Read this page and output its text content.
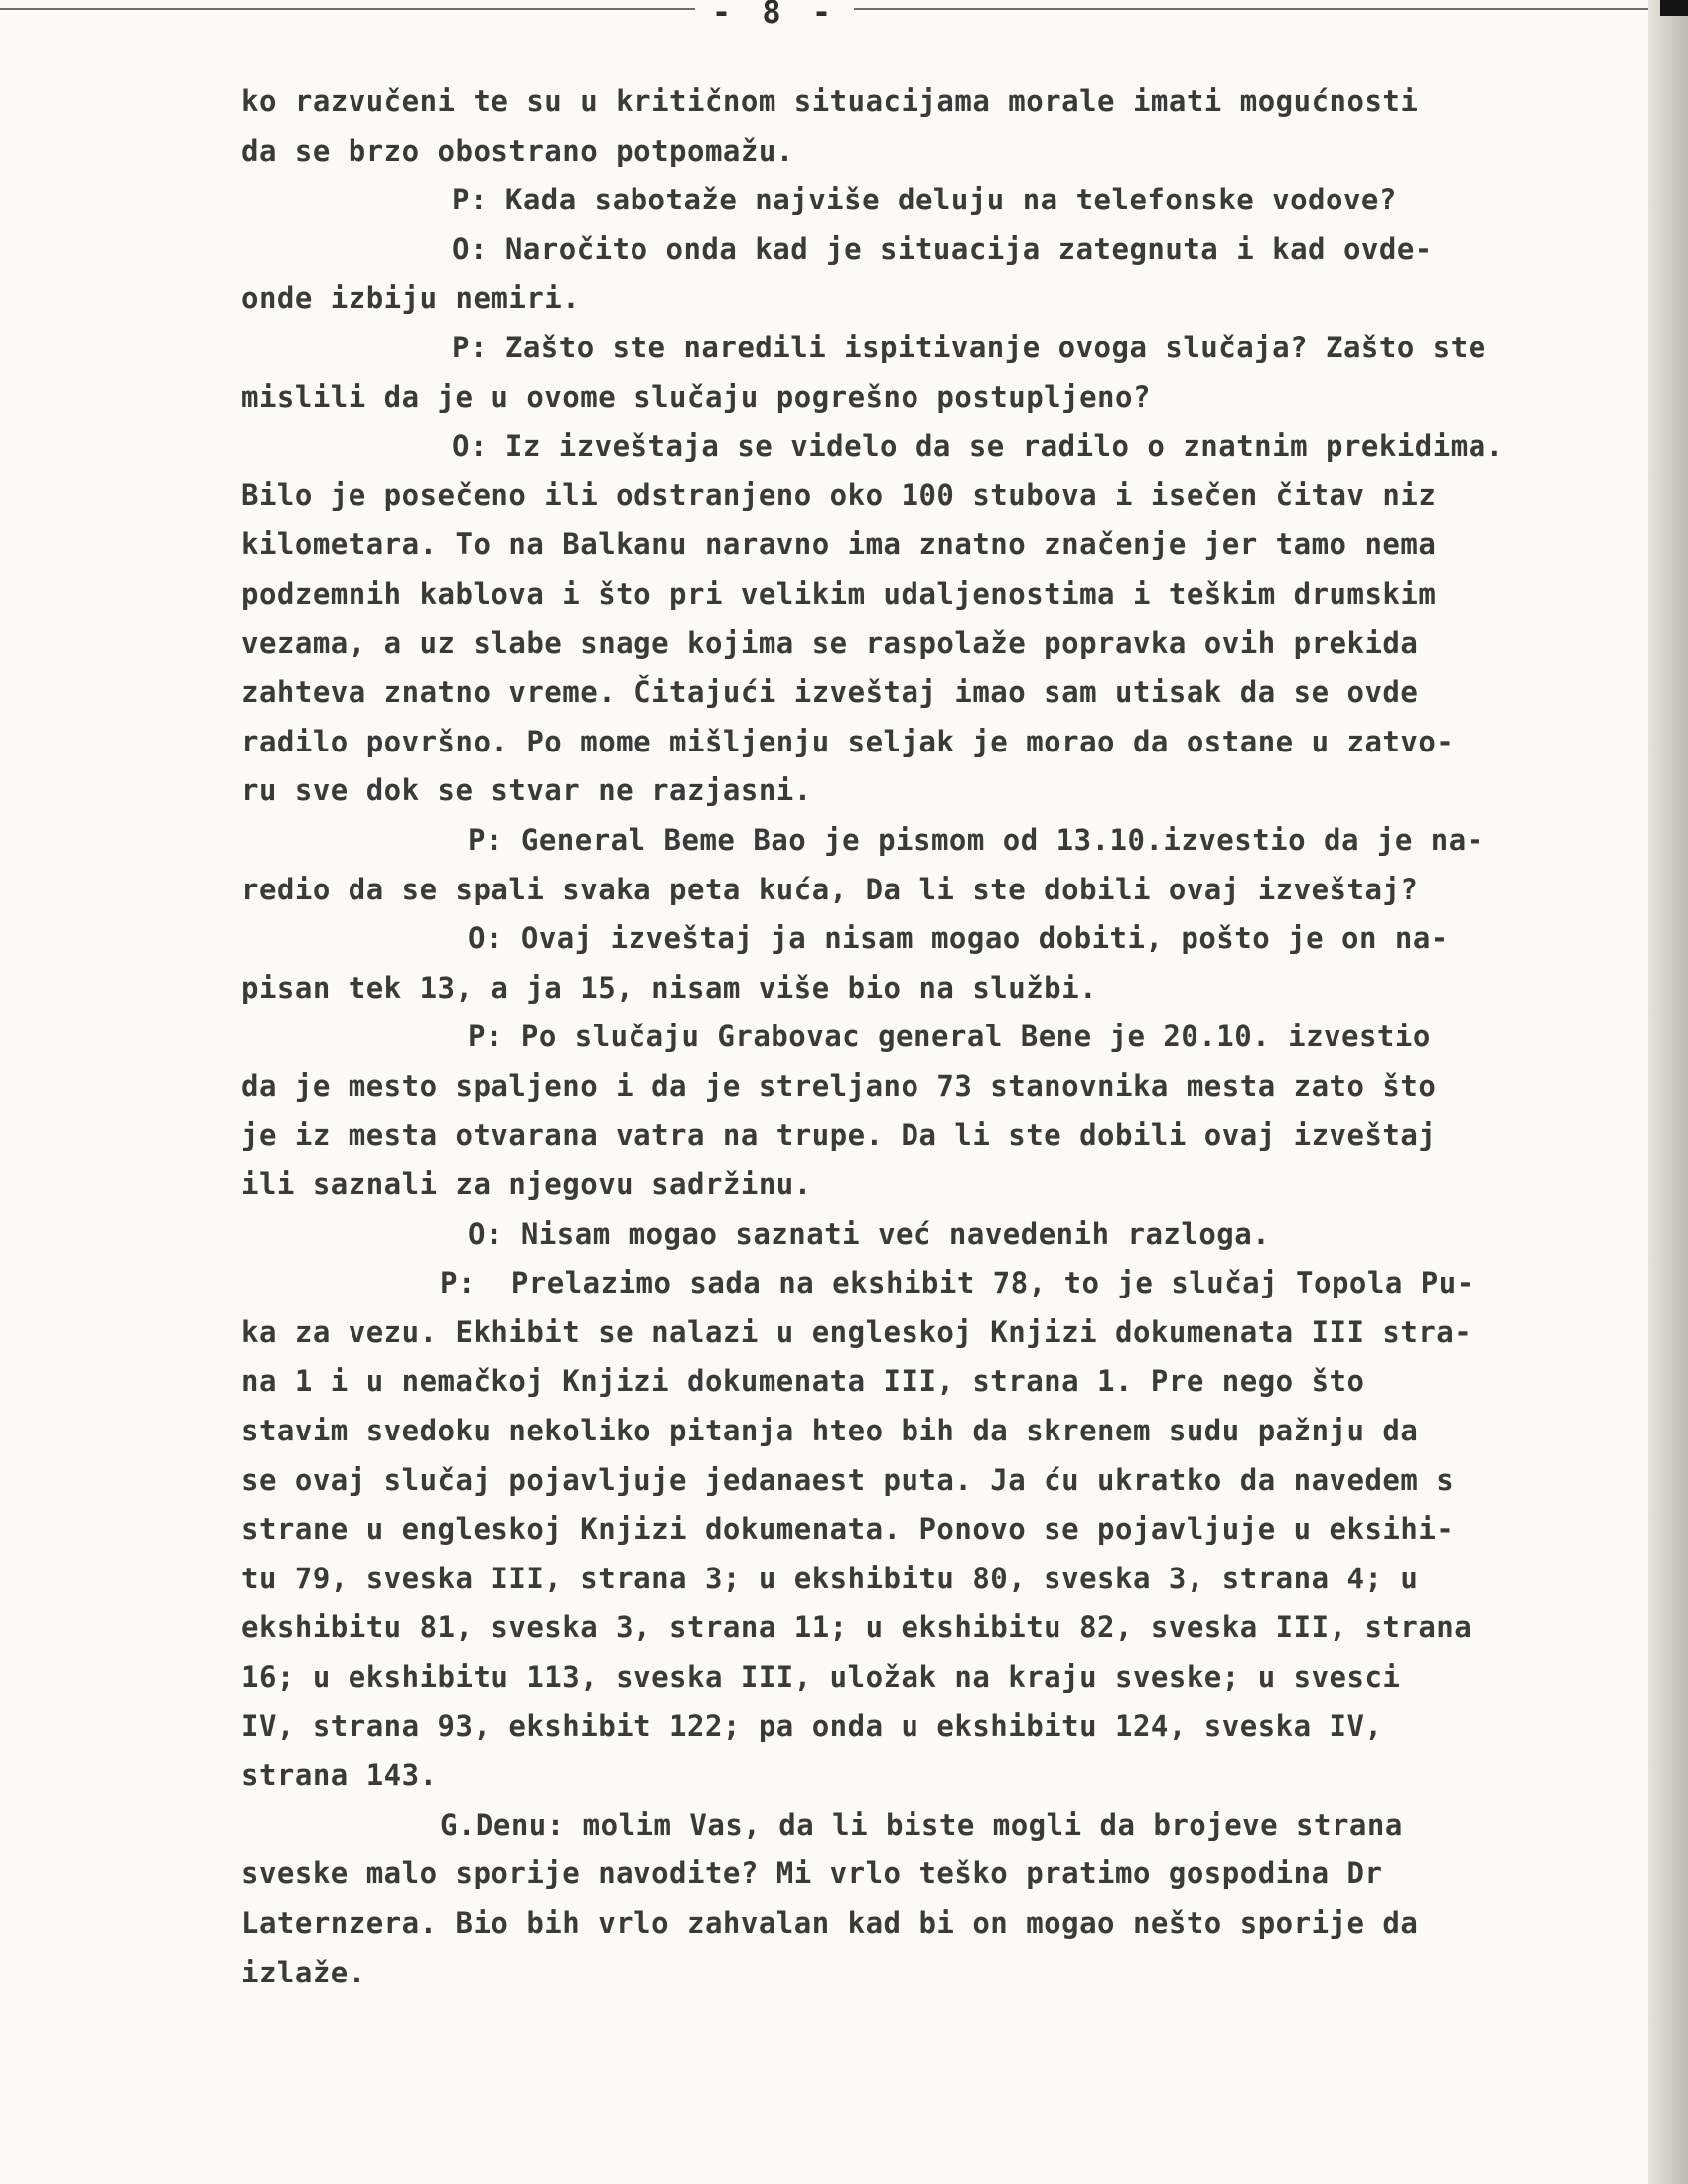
- 8 -
ko razvučeni te su u kritičnom situacijama morale imati mogućnosti
da se brzo obostrano potpomažu.
P: Kada sabotaže najviše deluju na telefonske vodove?
O: Naročito onda kad je situacija zategnuta i kad ovde-
onde izbiju nemiri.
P: Zašto ste naredili ispitivanje ovoga slučaja? Zašto ste
mislili da je u ovome slučaju pogrešno postupljeno?
O: Iz izveštaja se videlo da se radilo o znatnim prekidima.
Bilo je posečeno ili odstranjeno oko 100 stubova i isečen čitav niz
kilometara. To na Balkanu naravno ima znatno značenje jer tamo nema
podzemnih kablova i što pri velikim udaljenostima i teškim drumskim
vezama, a uz slabe snage kojima se raspolaže popravka ovih prekida
zahteva znatno vreme. Čitajući izveštaj imao sam utisak da se ovde
radilo površno. Po mome mišljenju seljak je morao da ostane u zatvo-
ru sve dok se stvar ne razjasni.
P: General Beme Bao je pismom od 13.10.izvestio da je na-
redio da se spali svaka peta kuća, Da li ste dobili ovaj izveštaj?
O: Ovaj izveštaj ja nisam mogao dobiti, pošto je on na-
pisan tek 13, a ja 15, nisam više bio na službi.
P: Po slučaju Grabovac general Bene je 20.10. izvestio
da je mesto spaljeno i da je streljano 73 stanovnika mesta zato što
je iz mesta otvarana vatra na trupe. Da li ste dobili ovaj izveštaj
ili saznali za njegovu sadržinu.
O: Nisam mogao saznati već navedenih razloga.
P:  Prelazimo sada na ekshibit 78, to je slučaj Topola Pu-
ka za vezu. Ekhibit se nalazi u engleskoj Knjizi dokumenata III stra-
na 1 i u nemačkoj Knjizi dokumenata III, strana 1. Pre nego što
stavim svedoku nekoliko pitanja hteo bih da skrenem sudu pažnju da
se ovaj slučaj pojavljuje jedanaest puta. Ja ću ukratko da navedem s
strane u engleskoj Knjizi dokumenata. Ponovo se pojavljuje u eksihi-
tu 79, sveska III, strana 3; u ekshibitu 80, sveska 3, strana 4; u
ekshibitu 81, sveska 3, strana 11; u ekshibitu 82, sveska III, strana
16; u ekshibitu 113, sveska III, uložak na kraju sveske; u svesci
IV, strana 93, ekshibit 122; pa onda u ekshibitu 124, sveska IV,
strana 143.
G.Denu: molim Vas, da li biste mogli da brojeve strana
sveske malo sporije navodite? Mi vrlo teško pratimo gospodina Dr
Laternzera. Bio bih vrlo zahvalan kad bi on mogao nešto sporije da
izlaže.
